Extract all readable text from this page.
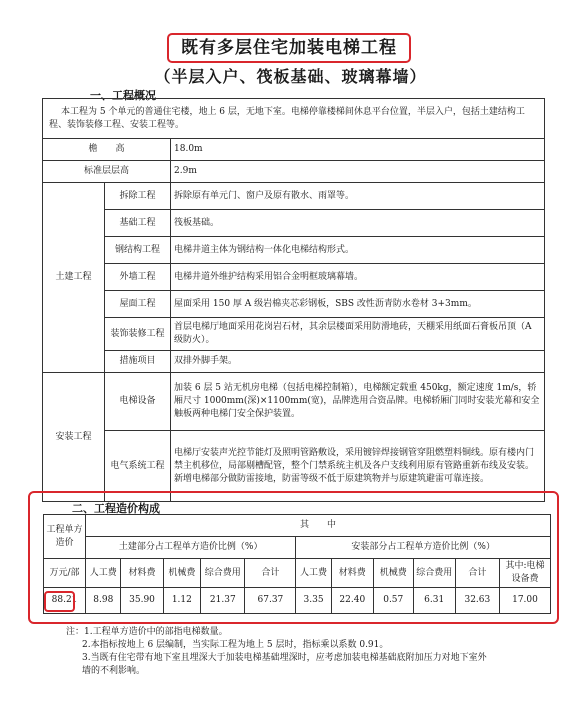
既有多层住宅加装电梯工程
（半层入户、筏板基础、玻璃幕墙）
一、工程概况
本工程为 5 个单元的普通住宅楼，地上 6 层，无地下室。电梯停靠楼梯间休息平台位置，半层入户，包括土建结构工程、装饰装修工程、安装工程等。		
檐　　高		18.0m
标准层层高		2.9m
土建工程	拆除工程	拆除原有单元门、窗户及原有散水、雨罩等。
	基础工程	筏板基础。
	钢结构工程	电梯井道主体为钢结构一体化电梯结构形式。
	外墙工程	电梯井道外维护结构采用铝合金明框玻璃幕墙。
	屋面工程	屋面采用 150 厚 A 级岩棉夹芯彩钢板，SBS 改性沥青防水卷材 3+3mm。
	装饰装修工程	首层电梯厅地面采用花岗岩石材，其余层楼面采用防滑地砖，天棚采用纸面石膏板吊顶（A 级防火）。
	措施项目	双排外脚手架。
安装工程	电梯设备	加装 6 层 5 站无机房电梯（包括电梯控制箱），电梯额定载重 450kg，额定速度 1m/s，轿厢尺寸 1000mm(深)×1100mm(宽)，品牌选用合资品牌。电梯轿厢门同时安装光幕和安全触板两种电梯门安全保护装置。
	电气系统工程	电梯厅安装声光控节能灯及照明管路敷设，采用镀锌焊接钢管穿阻燃塑料铜线。原有楼内门禁主机移位，局部剔槽配管，整个门禁系统主机及各户支线利用原有管路重新布线及安装。新增电梯部分做防雷接地，防雷等级不低于原建筑物并与原建筑避雷可靠连接。
二、工程造价构成
工程单方造价	其　　中										
	土建部分占工程单方造价比例（%）					安装部分占工程单方造价比例（%）					
万元/部	人工费	材料费	机械费	综合费用	合计	人工费	材料费	机械费	综合费用	合计	其中:电梯设备费
88.21	8.98	35.90	1.12	21.37	67.37	3.35	22.40	0.57	6.31	32.63	17.00
注：1.工程单方造价中的部指电梯数量。
2.本指标按地上 6 层编制，当实际工程为地上 5 层时，指标乘以系数 0.91。
3.当既有住宅带有地下室且埋深大于加装电梯基础埋深时，应考虑加装电梯基础底附加压力对地下室外
墙的不利影响。
